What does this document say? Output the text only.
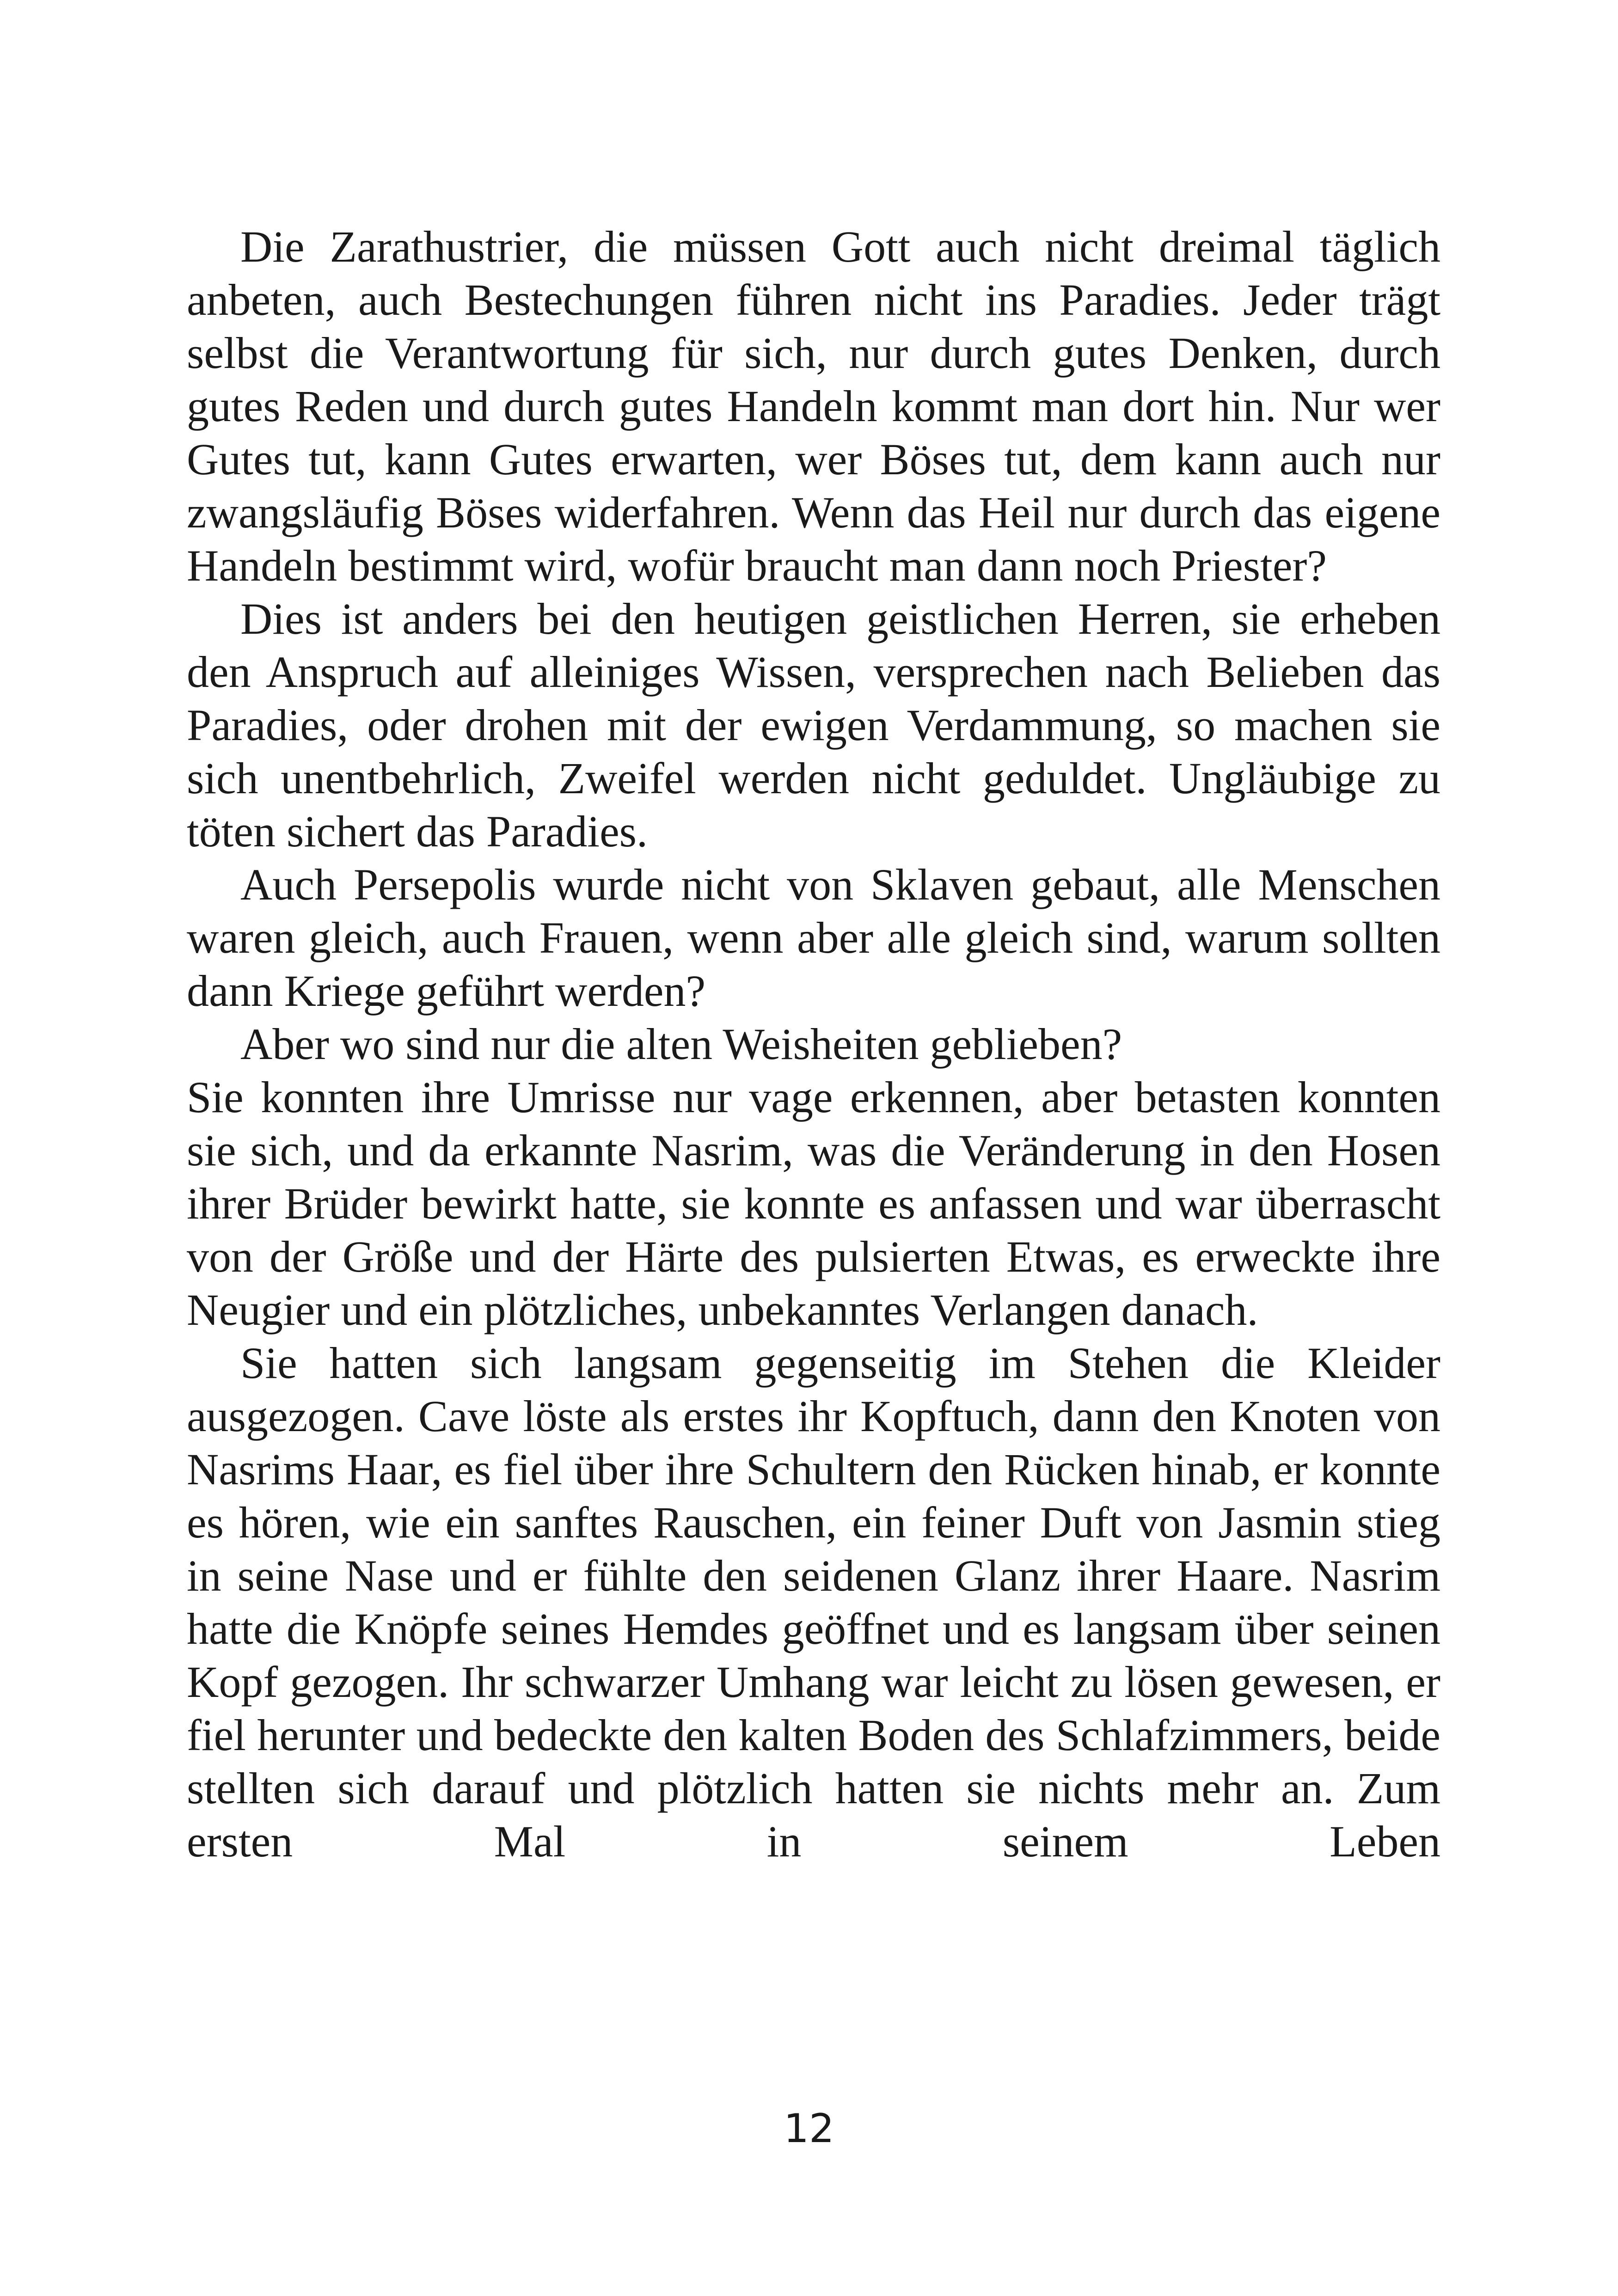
Die Zarathustrier, die müssen Gott auch nicht dreimal täglich anbeten, auch Bestechungen führen nicht ins Paradies. Jeder trägt selbst die Verantwortung für sich, nur durch gutes Denken, durch gutes Reden und durch gutes Handeln kommt man dort hin. Nur wer Gutes tut, kann Gutes erwarten, wer Böses tut, dem kann auch nur zwangsläufig Böses widerfahren. Wenn das Heil nur durch das eigene Handeln bestimmt wird, wofür braucht man dann noch Priester?

Dies ist anders bei den heutigen geistlichen Herren, sie erheben den Anspruch auf alleiniges Wissen, versprechen nach Belieben das Paradies, oder drohen mit der ewigen Verdammung, so machen sie sich unentbehrlich, Zweifel werden nicht geduldet. Ungläubige zu töten sichert das Paradies.

Auch Persepolis wurde nicht von Sklaven gebaut, alle Menschen waren gleich, auch Frauen, wenn aber alle gleich sind, warum sollten dann Kriege geführt werden?

Aber wo sind nur die alten Weisheiten geblieben?

Sie konnten ihre Umrisse nur vage erkennen, aber betasten konnten sie sich, und da erkannte Nasrim, was die Veränderung in den Hosen ihrer Brüder bewirkt hatte, sie konnte es anfassen und war überrascht von der Größe und der Härte des pulsierten Etwas, es erweckte ihre Neugier und ein plötzliches, unbekanntes Verlangen danach.

Sie hatten sich langsam gegenseitig im Stehen die Kleider ausgezogen. Cave löste als erstes ihr Kopftuch, dann den Knoten von Nasrims Haar, es fiel über ihre Schultern den Rücken hinab, er konnte es hören, wie ein sanftes Rauschen, ein feiner Duft von Jasmin stieg in seine Nase und er fühlte den seidenen Glanz ihrer Haare. Nasrim hatte die Knöpfe seines Hemdes geöffnet und es langsam über seinen Kopf gezogen. Ihr schwarzer Umhang war leicht zu lösen gewesen, er fiel herunter und bedeckte den kalten Boden des Schlafzimmers, beide stellten sich darauf und plötzlich hatten sie nichts mehr an. Zum ersten Mal in seinem Leben

12
